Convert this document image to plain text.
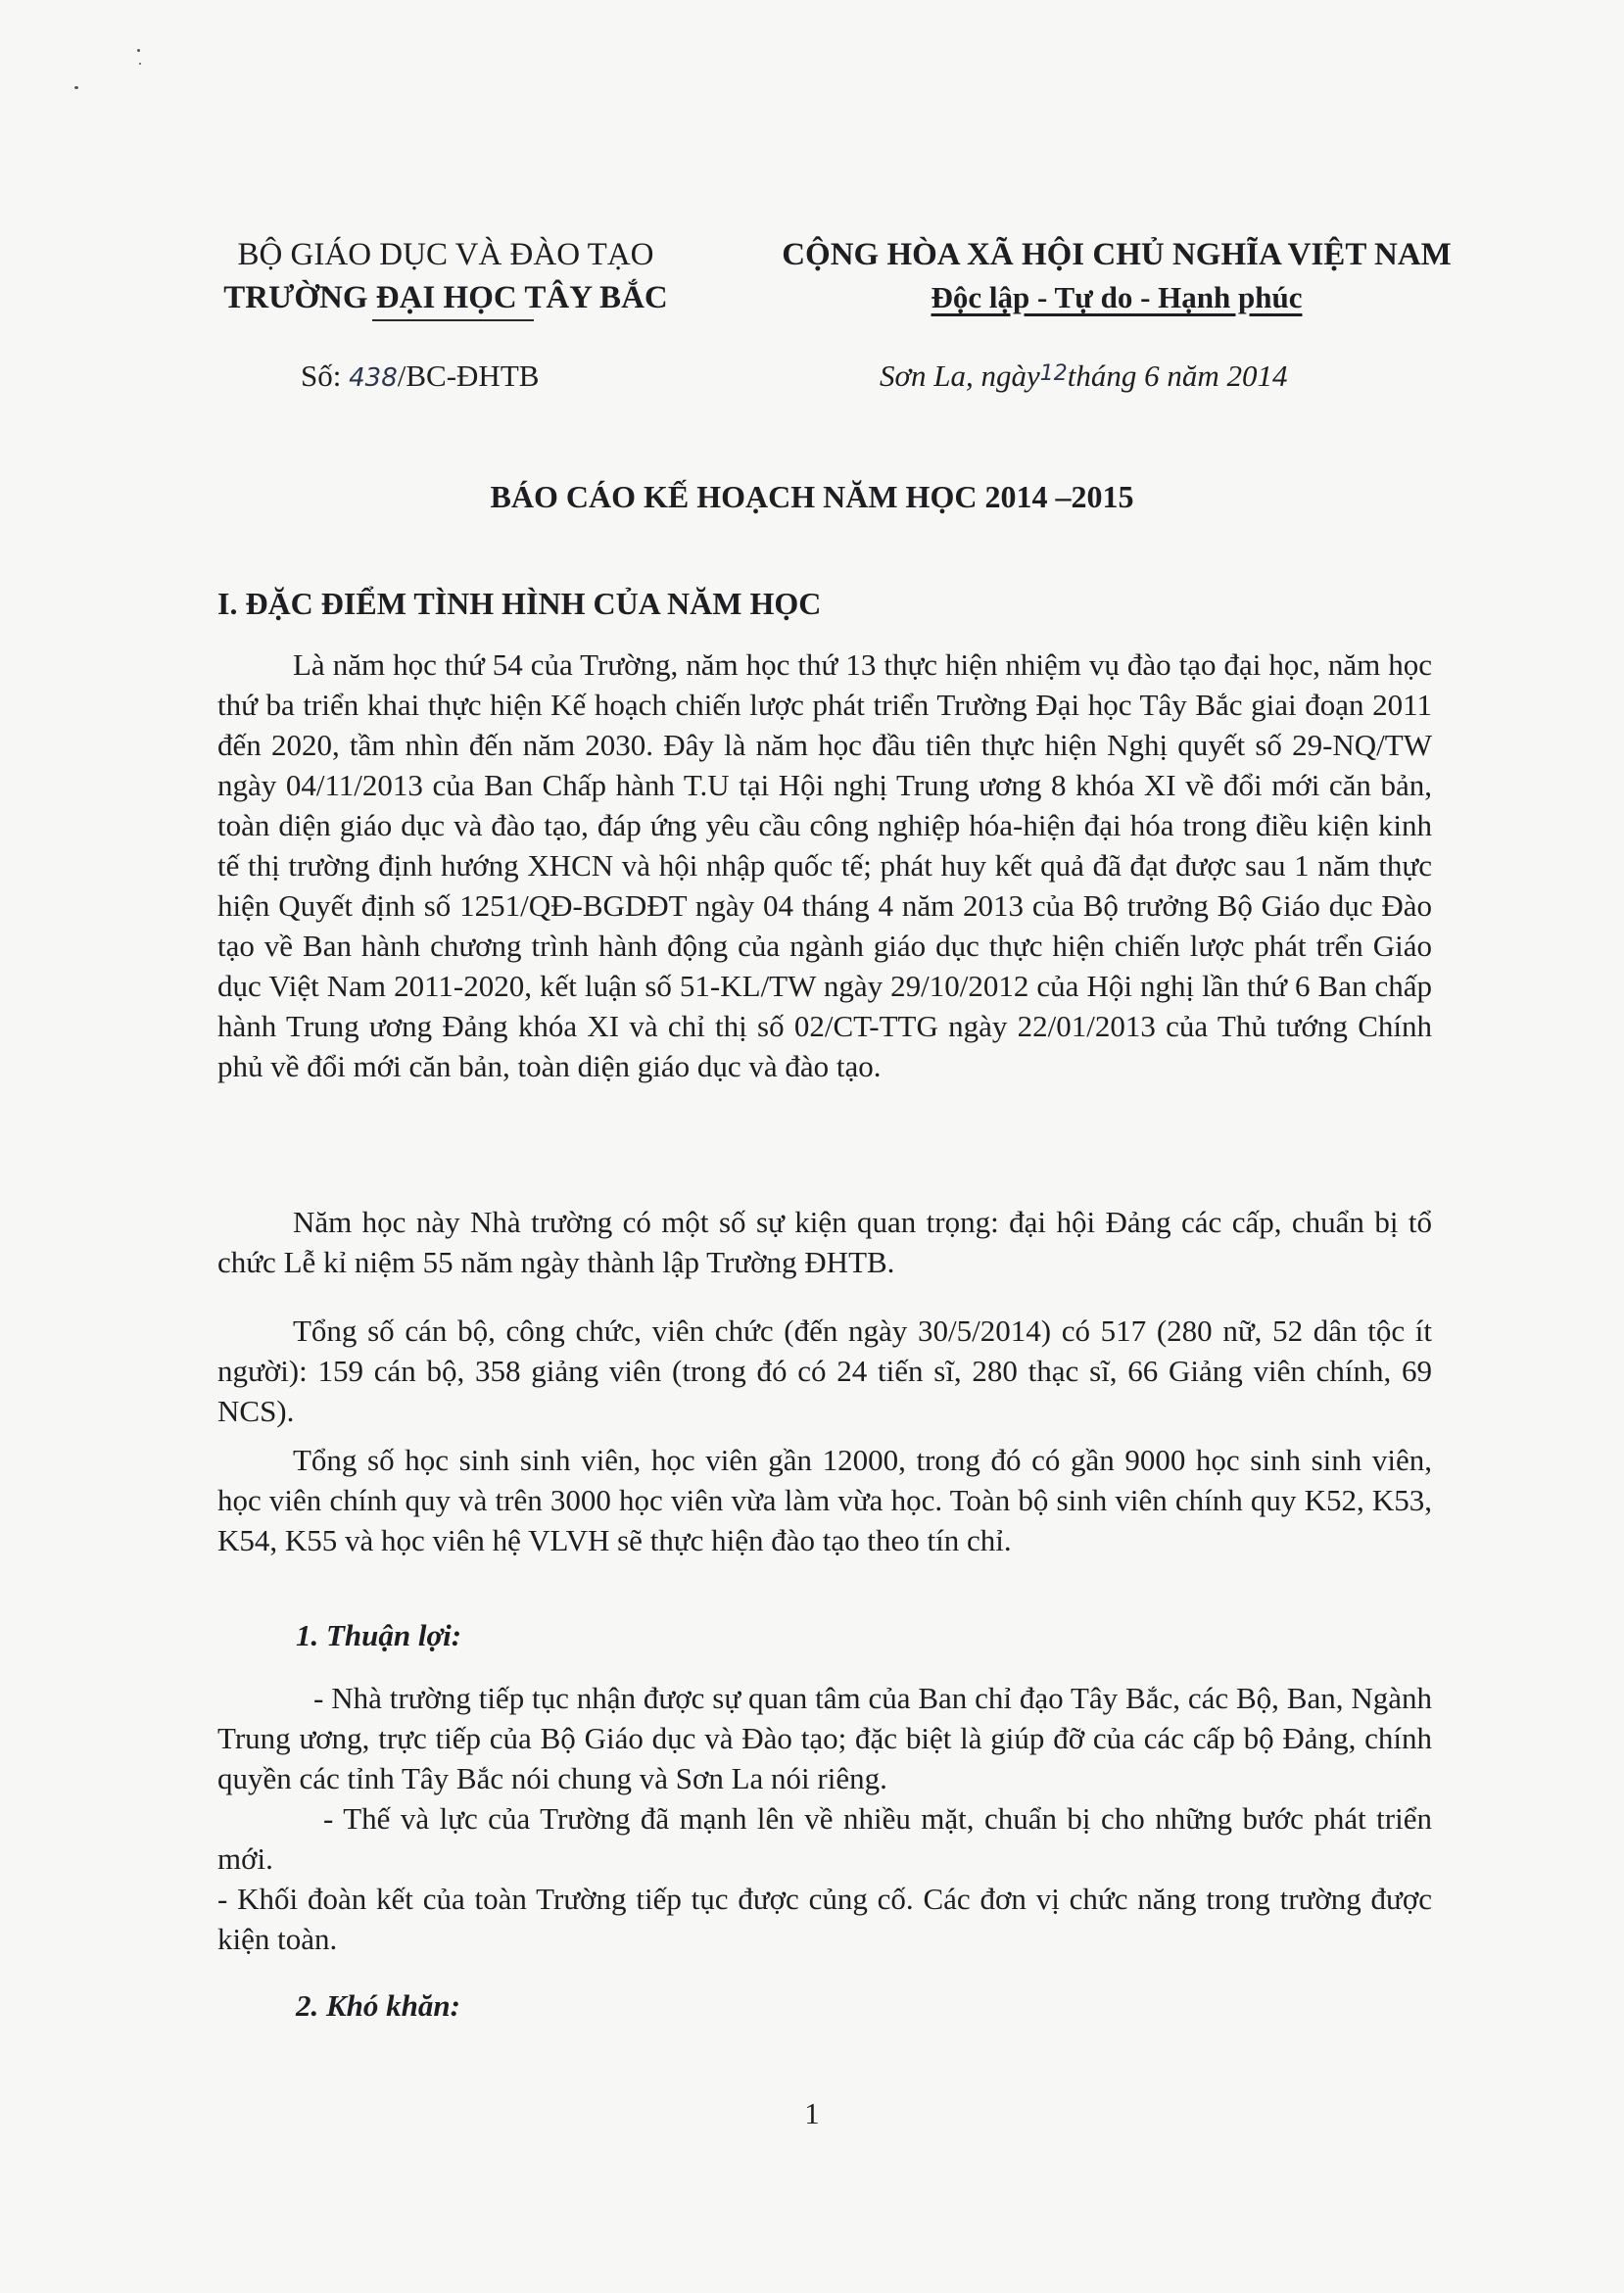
BỘ GIÁO DỤC VÀ ĐÀO TẠO
TRƯỜNG ĐẠI HỌC TÂY BẮC
CỘNG HÒA XÃ HỘI CHỦ NGHĨA VIỆT NAM
Độc lập - Tự do - Hạnh phúc
Số: 438/BC-ĐHTB	Sơn La, ngày12tháng 6 năm 2014
BÁO CÁO KẾ HOẠCH NĂM HỌC 2014 –2015
I. ĐẶC ĐIỂM TÌNH HÌNH CỦA NĂM HỌC
Là năm học thứ 54 của Trường, năm học thứ 13 thực hiện nhiệm vụ đào tạo đại học, năm học thứ ba triển khai thực hiện Kế hoạch chiến lược phát triển Trường Đại học Tây Bắc giai đoạn 2011 đến 2020, tầm nhìn đến năm 2030. Đây là năm học đầu tiên thực hiện Nghị quyết số 29-NQ/TW ngày 04/11/2013 của Ban Chấp hành T.U tại Hội nghị Trung ương 8 khóa XI về đổi mới căn bản, toàn diện giáo dục và đào tạo, đáp ứng yêu cầu công nghiệp hóa-hiện đại hóa trong điều kiện kinh tế thị trường định hướng XHCN và hội nhập quốc tế; phát huy kết quả đã đạt được sau 1 năm thực hiện Quyết định số 1251/QĐ-BGDĐT ngày 04 tháng 4 năm 2013 của Bộ trưởng Bộ Giáo dục Đào tạo về Ban hành chương trình hành động của ngành giáo dục thực hiện chiến lược phát trển Giáo dục Việt Nam 2011-2020, kết luận số 51-KL/TW ngày 29/10/2012 của Hội nghị lần thứ 6 Ban chấp hành Trung ương Đảng khóa XI và chỉ thị số 02/CT-TTG ngày 22/01/2013 của Thủ tướng Chính phủ về đổi mới căn bản, toàn diện giáo dục và đào tạo.
Năm học này Nhà trường có một số sự kiện quan trọng: đại hội Đảng các cấp, chuẩn bị tổ chức Lễ kỉ niệm 55 năm ngày thành lập Trường ĐHTB.
Tổng số cán bộ, công chức, viên chức (đến ngày 30/5/2014) có 517 (280 nữ, 52 dân tộc ít người): 159 cán bộ, 358 giảng viên (trong đó có 24 tiến sĩ, 280 thạc sĩ, 66 Giảng viên chính, 69 NCS).
Tổng số học sinh sinh viên, học viên gần 12000, trong đó có gần 9000 học sinh sinh viên, học viên chính quy và trên 3000 học viên vừa làm vừa học. Toàn bộ sinh viên chính quy K52, K53, K54, K55 và học viên hệ VLVH sẽ thực hiện đào tạo theo tín chỉ.
1. Thuận lợi:
- Nhà trường tiếp tục nhận được sự quan tâm của Ban chỉ đạo Tây Bắc, các Bộ, Ban, Ngành Trung ương, trực tiếp của Bộ Giáo dục và Đào tạo; đặc biệt là giúp đỡ của các cấp bộ Đảng, chính quyền các tỉnh Tây Bắc nói chung và Sơn La nói riêng.
- Thế và lực của Trường đã mạnh lên về nhiều mặt, chuẩn bị cho những bước phát triển mới.
- Khối đoàn kết của toàn Trường tiếp tục được củng cố. Các đơn vị chức năng trong trường được kiện toàn.
2. Khó khăn:
1
